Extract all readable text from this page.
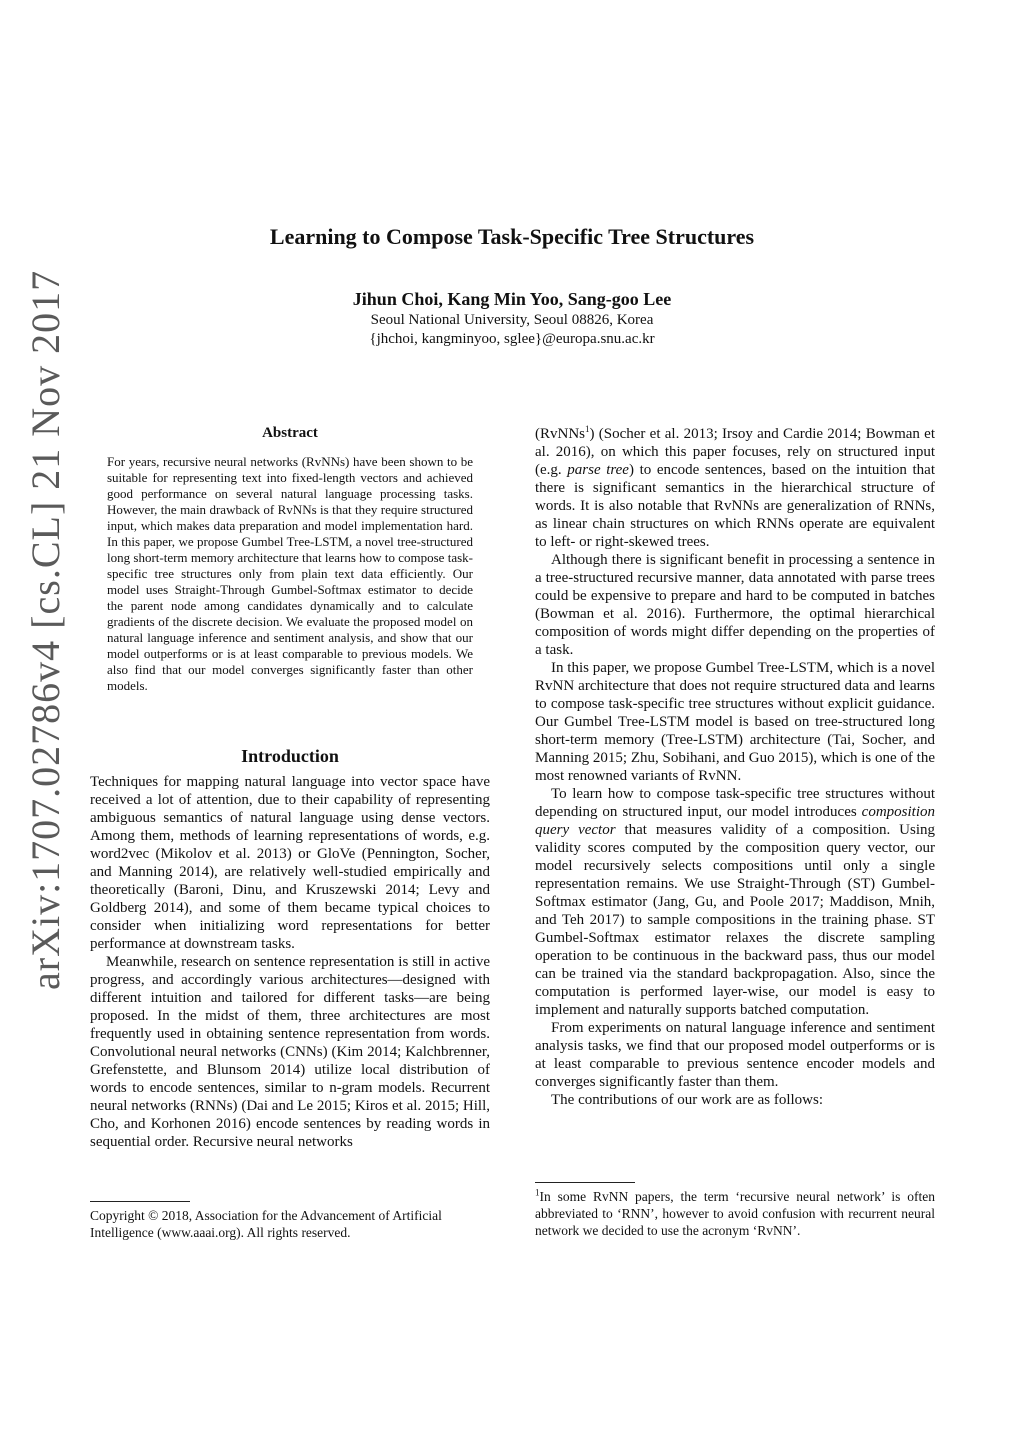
arXiv:1707.02786v4 [cs.CL] 21 Nov 2017
Learning to Compose Task-Specific Tree Structures
Jihun Choi, Kang Min Yoo, Sang-goo Lee
Seoul National University, Seoul 08826, Korea
{jhchoi, kangminyoo, sglee}@europa.snu.ac.kr
Abstract
For years, recursive neural networks (RvNNs) have been shown to be suitable for representing text into fixed-length vectors and achieved good performance on several natural language processing tasks. However, the main drawback of RvNNs is that they require structured input, which makes data preparation and model implementation hard. In this paper, we propose Gumbel Tree-LSTM, a novel tree-structured long short-term memory architecture that learns how to compose task-specific tree structures only from plain text data efficiently. Our model uses Straight-Through Gumbel-Softmax estimator to decide the parent node among candidates dynamically and to calculate gradients of the discrete decision. We evaluate the proposed model on natural language inference and sentiment analysis, and show that our model outperforms or is at least comparable to previous models. We also find that our model converges significantly faster than other models.
Introduction

Techniques for mapping natural language into vector space have received a lot of attention, due to their capability of representing ambiguous semantics of natural language using dense vectors. Among them, methods of learning representations of words, e.g. word2vec (Mikolov et al. 2013) or GloVe (Pennington, Socher, and Manning 2014), are relatively well-studied empirically and theoretically (Baroni, Dinu, and Kruszewski 2014; Levy and Goldberg 2014), and some of them became typical choices to consider when initializing word representations for better performance at downstream tasks.

Meanwhile, research on sentence representation is still in active progress, and accordingly various architectures—designed with different intuition and tailored for different tasks—are being proposed. In the midst of them, three architectures are most frequently used in obtaining sentence representation from words. Convolutional neural networks (CNNs) (Kim 2014; Kalchbrenner, Grefenstette, and Blunsom 2014) utilize local distribution of words to encode sentences, similar to n-gram models. Recurrent neural networks (RNNs) (Dai and Le 2015; Kiros et al. 2015; Hill, Cho, and Korhonen 2016) encode sentences by reading words in sequential order. Recursive neural networks

Copyright © 2018, Association for the Advancement of Artificial Intelligence (www.aaai.org). All rights reserved.

(RvNNs$^1$) (Socher et al. 2013; Irsoy and Cardie 2014; Bowman et al. 2016), on which this paper focuses, rely on structured input (e.g. parse tree) to encode sentences, based on the intuition that there is significant semantics in the hierarchical structure of words. It is also notable that RvNNs are generalization of RNNs, as linear chain structures on which RNNs operate are equivalent to left- or right-skewed trees.

Although there is significant benefit in processing a sentence in a tree-structured recursive manner, data annotated with parse trees could be expensive to prepare and hard to be computed in batches (Bowman et al. 2016). Furthermore, the optimal hierarchical composition of words might differ depending on the properties of a task.

In this paper, we propose Gumbel Tree-LSTM, which is a novel RvNN architecture that does not require structured data and learns to compose task-specific tree structures without explicit guidance. Our Gumbel Tree-LSTM model is based on tree-structured long short-term memory (Tree-LSTM) architecture (Tai, Socher, and Manning 2015; Zhu, Sobihani, and Guo 2015), which is one of the most renowned variants of RvNN.

To learn how to compose task-specific tree structures without depending on structured input, our model introduces composition query vector that measures validity of a composition. Using validity scores computed by the composition query vector, our model recursively selects compositions until only a single representation remains. We use Straight-Through (ST) Gumbel-Softmax estimator (Jang, Gu, and Poole 2017; Maddison, Mnih, and Teh 2017) to sample compositions in the training phase. ST Gumbel-Softmax estimator relaxes the discrete sampling operation to be continuous in the backward pass, thus our model can be trained via the standard backpropagation. Also, since the computation is performed layer-wise, our model is easy to implement and naturally supports batched computation.

From experiments on natural language inference and sentiment analysis tasks, we find that our proposed model outperforms or is at least comparable to previous sentence encoder models and converges significantly faster than them.

The contributions of our work are as follows:

$^1$In some RvNN papers, the term ‘recursive neural network’ is often abbreviated to ‘RNN’, however to avoid confusion with recurrent neural network we decided to use the acronym ‘RvNN’.
